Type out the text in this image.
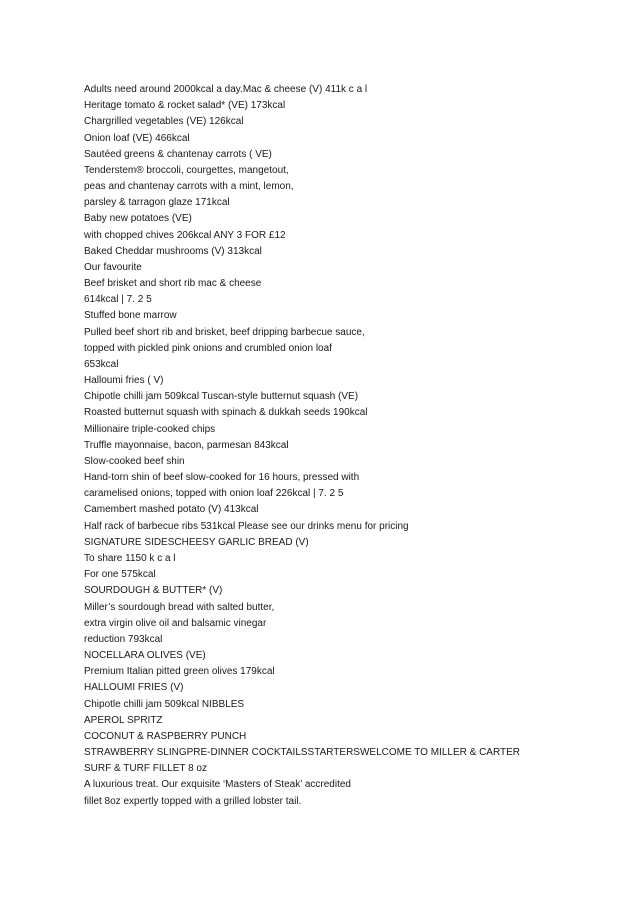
Adults need around 2000kcal a day.Mac & cheese (V) 411k c a l
Heritage tomato & rocket salad* (VE) 173kcal
Chargrilled vegetables (VE) 126kcal
Onion loaf (VE) 466kcal
Sautéed greens & chantenay carrots ( VE)
Tenderstem® broccoli, courgettes, mangetout,
peas and chantenay carrots with a mint, lemon,
parsley & tarragon glaze 171kcal
Baby new potatoes (VE)
with chopped chives 206kcal ANY 3 FOR £12
Baked Cheddar mushrooms (V) 313kcal
Our favourite
Beef brisket and short rib mac & cheese
614kcal | 7. 2 5
Stuffed bone marrow
Pulled beef short rib and brisket, beef dripping barbecue sauce,
topped with pickled pink onions and crumbled onion loaf
653kcal
Halloumi fries ( V)
Chipotle chilli jam 509kcal Tuscan-style butternut squash (VE)
Roasted butternut squash with spinach & dukkah seeds 190kcal
Millionaire triple-cooked chips
Truffle mayonnaise, bacon, parmesan 843kcal
Slow-cooked beef shin
Hand-torn shin of beef slow-cooked for 16 hours, pressed with
caramelised onions, topped with onion loaf 226kcal | 7. 2 5
Camembert mashed potato (V) 413kcal
Half rack of barbecue ribs 531kcal Please see our drinks menu for pricing
SIGNATURE SIDESCHEESY GARLIC BREAD (V)
To share 1150 k c a l
For one 575kcal
SOURDOUGH & BUTTER* (V)
Miller’s sourdough bread with salted butter,
extra virgin olive oil and balsamic vinegar
reduction 793kcal
NOCELLARA OLIVES (VE)
Premium Italian pitted green olives 179kcal
HALLOUMI FRIES (V)
Chipotle chilli jam 509kcal NIBBLES
APEROL SPRITZ
COCONUT & RASPBERRY PUNCH
STRAWBERRY SLINGPRE-DINNER COCKTAILSSTARTERSWELCOME TO MILLER & CARTER
SURF & TURF FILLET 8 oz
A luxurious treat. Our exquisite ‘Masters of Steak’ accredited
fillet 8oz expertly topped with a grilled lobster tail.
